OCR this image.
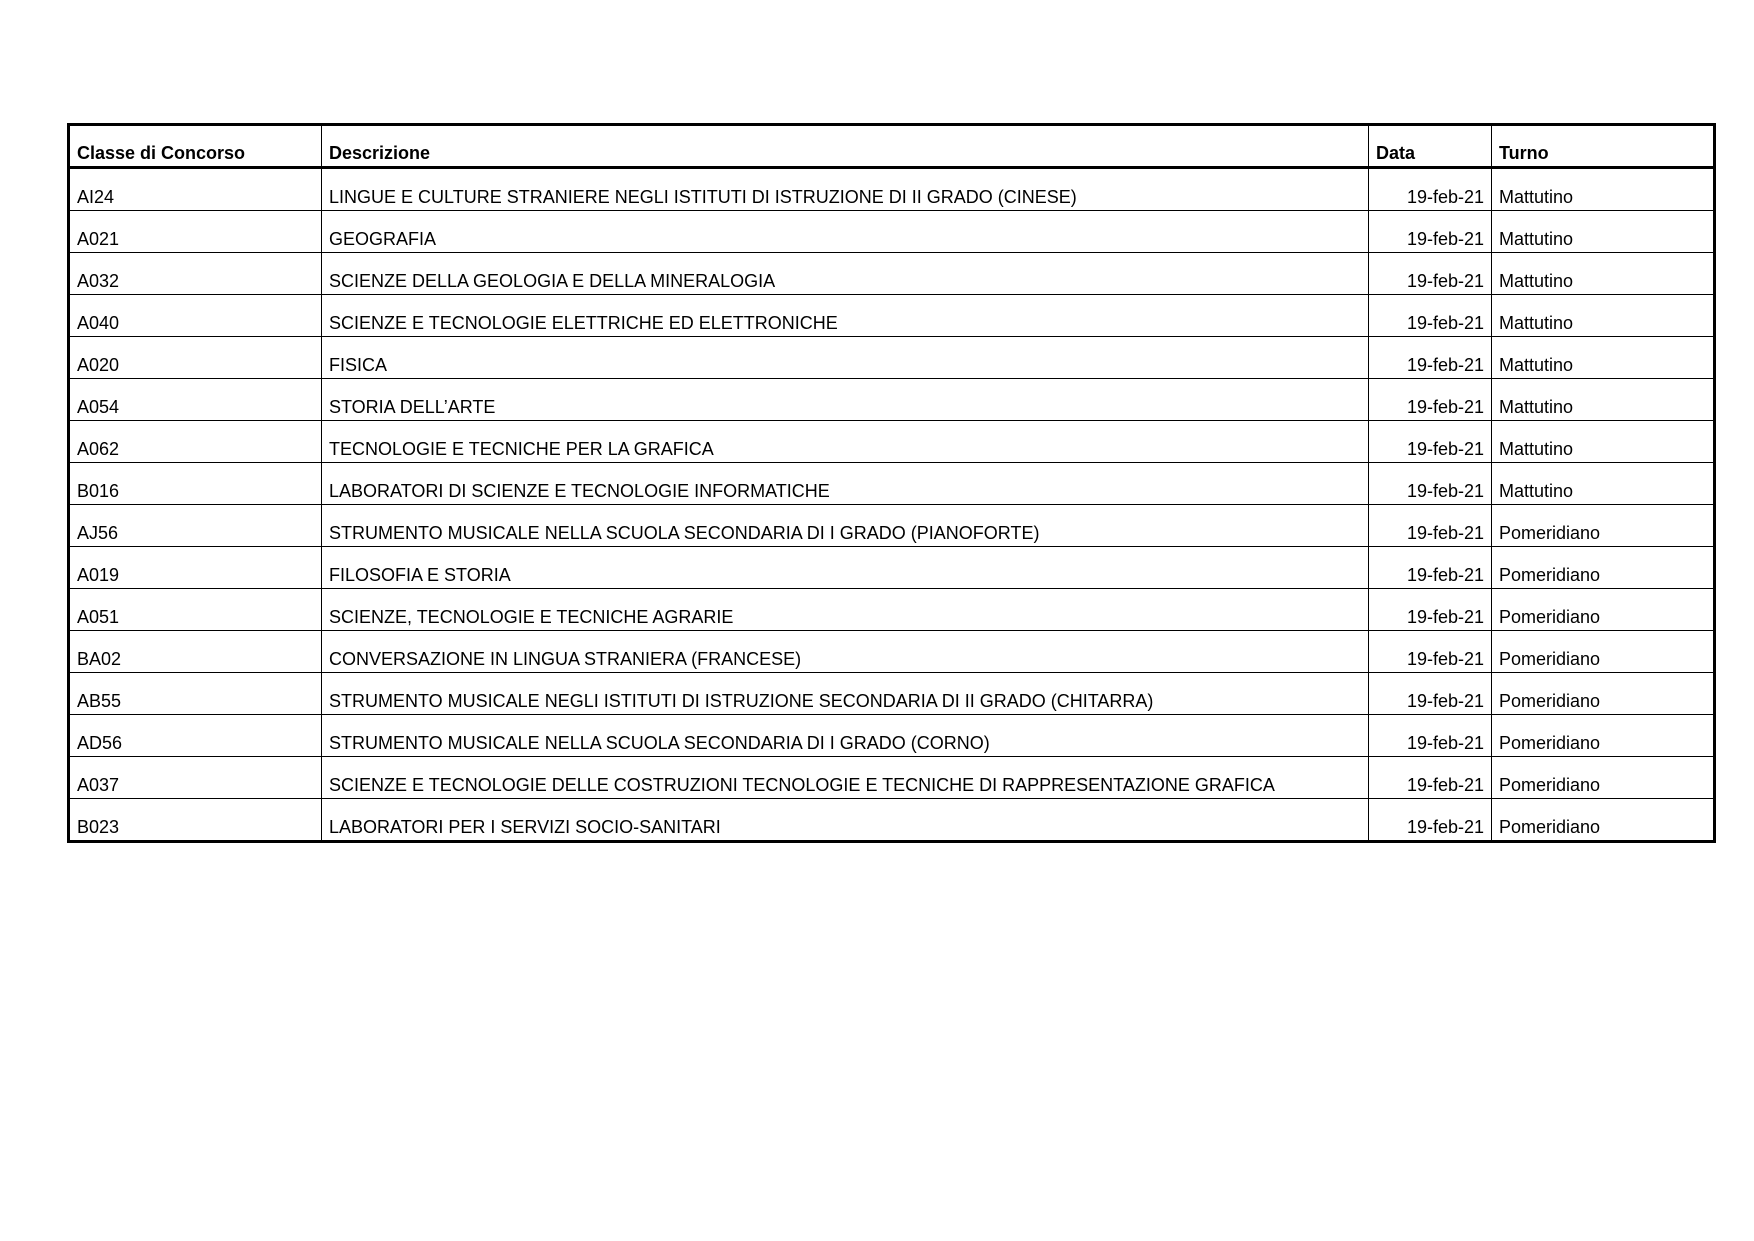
Classe di Concorso	Descrizione	Data	Turno
AI24	LINGUE E CULTURE STRANIERE NEGLI ISTITUTI DI ISTRUZIONE DI II GRADO (CINESE)	19-feb-21	Mattutino
A021	GEOGRAFIA	19-feb-21	Mattutino
A032	SCIENZE DELLA GEOLOGIA E DELLA MINERALOGIA	19-feb-21	Mattutino
A040	SCIENZE E TECNOLOGIE ELETTRICHE ED ELETTRONICHE	19-feb-21	Mattutino
A020	FISICA	19-feb-21	Mattutino
A054	STORIA DELL’ARTE	19-feb-21	Mattutino
A062	TECNOLOGIE E TECNICHE PER LA GRAFICA	19-feb-21	Mattutino
B016	LABORATORI DI SCIENZE E TECNOLOGIE INFORMATICHE	19-feb-21	Mattutino
AJ56	STRUMENTO MUSICALE NELLA SCUOLA SECONDARIA DI I GRADO (PIANOFORTE)	19-feb-21	Pomeridiano
A019	FILOSOFIA E STORIA	19-feb-21	Pomeridiano
A051	SCIENZE, TECNOLOGIE E TECNICHE AGRARIE	19-feb-21	Pomeridiano
BA02	CONVERSAZIONE IN LINGUA STRANIERA (FRANCESE)	19-feb-21	Pomeridiano
AB55	STRUMENTO MUSICALE NEGLI ISTITUTI DI ISTRUZIONE SECONDARIA DI II GRADO (CHITARRA)	19-feb-21	Pomeridiano
AD56	STRUMENTO MUSICALE NELLA SCUOLA SECONDARIA DI I GRADO (CORNO)	19-feb-21	Pomeridiano
A037	SCIENZE E TECNOLOGIE DELLE COSTRUZIONI TECNOLOGIE E TECNICHE DI RAPPRESENTAZIONE GRAFICA	19-feb-21	Pomeridiano
B023	LABORATORI PER I SERVIZI SOCIO-SANITARI	19-feb-21	Pomeridiano
